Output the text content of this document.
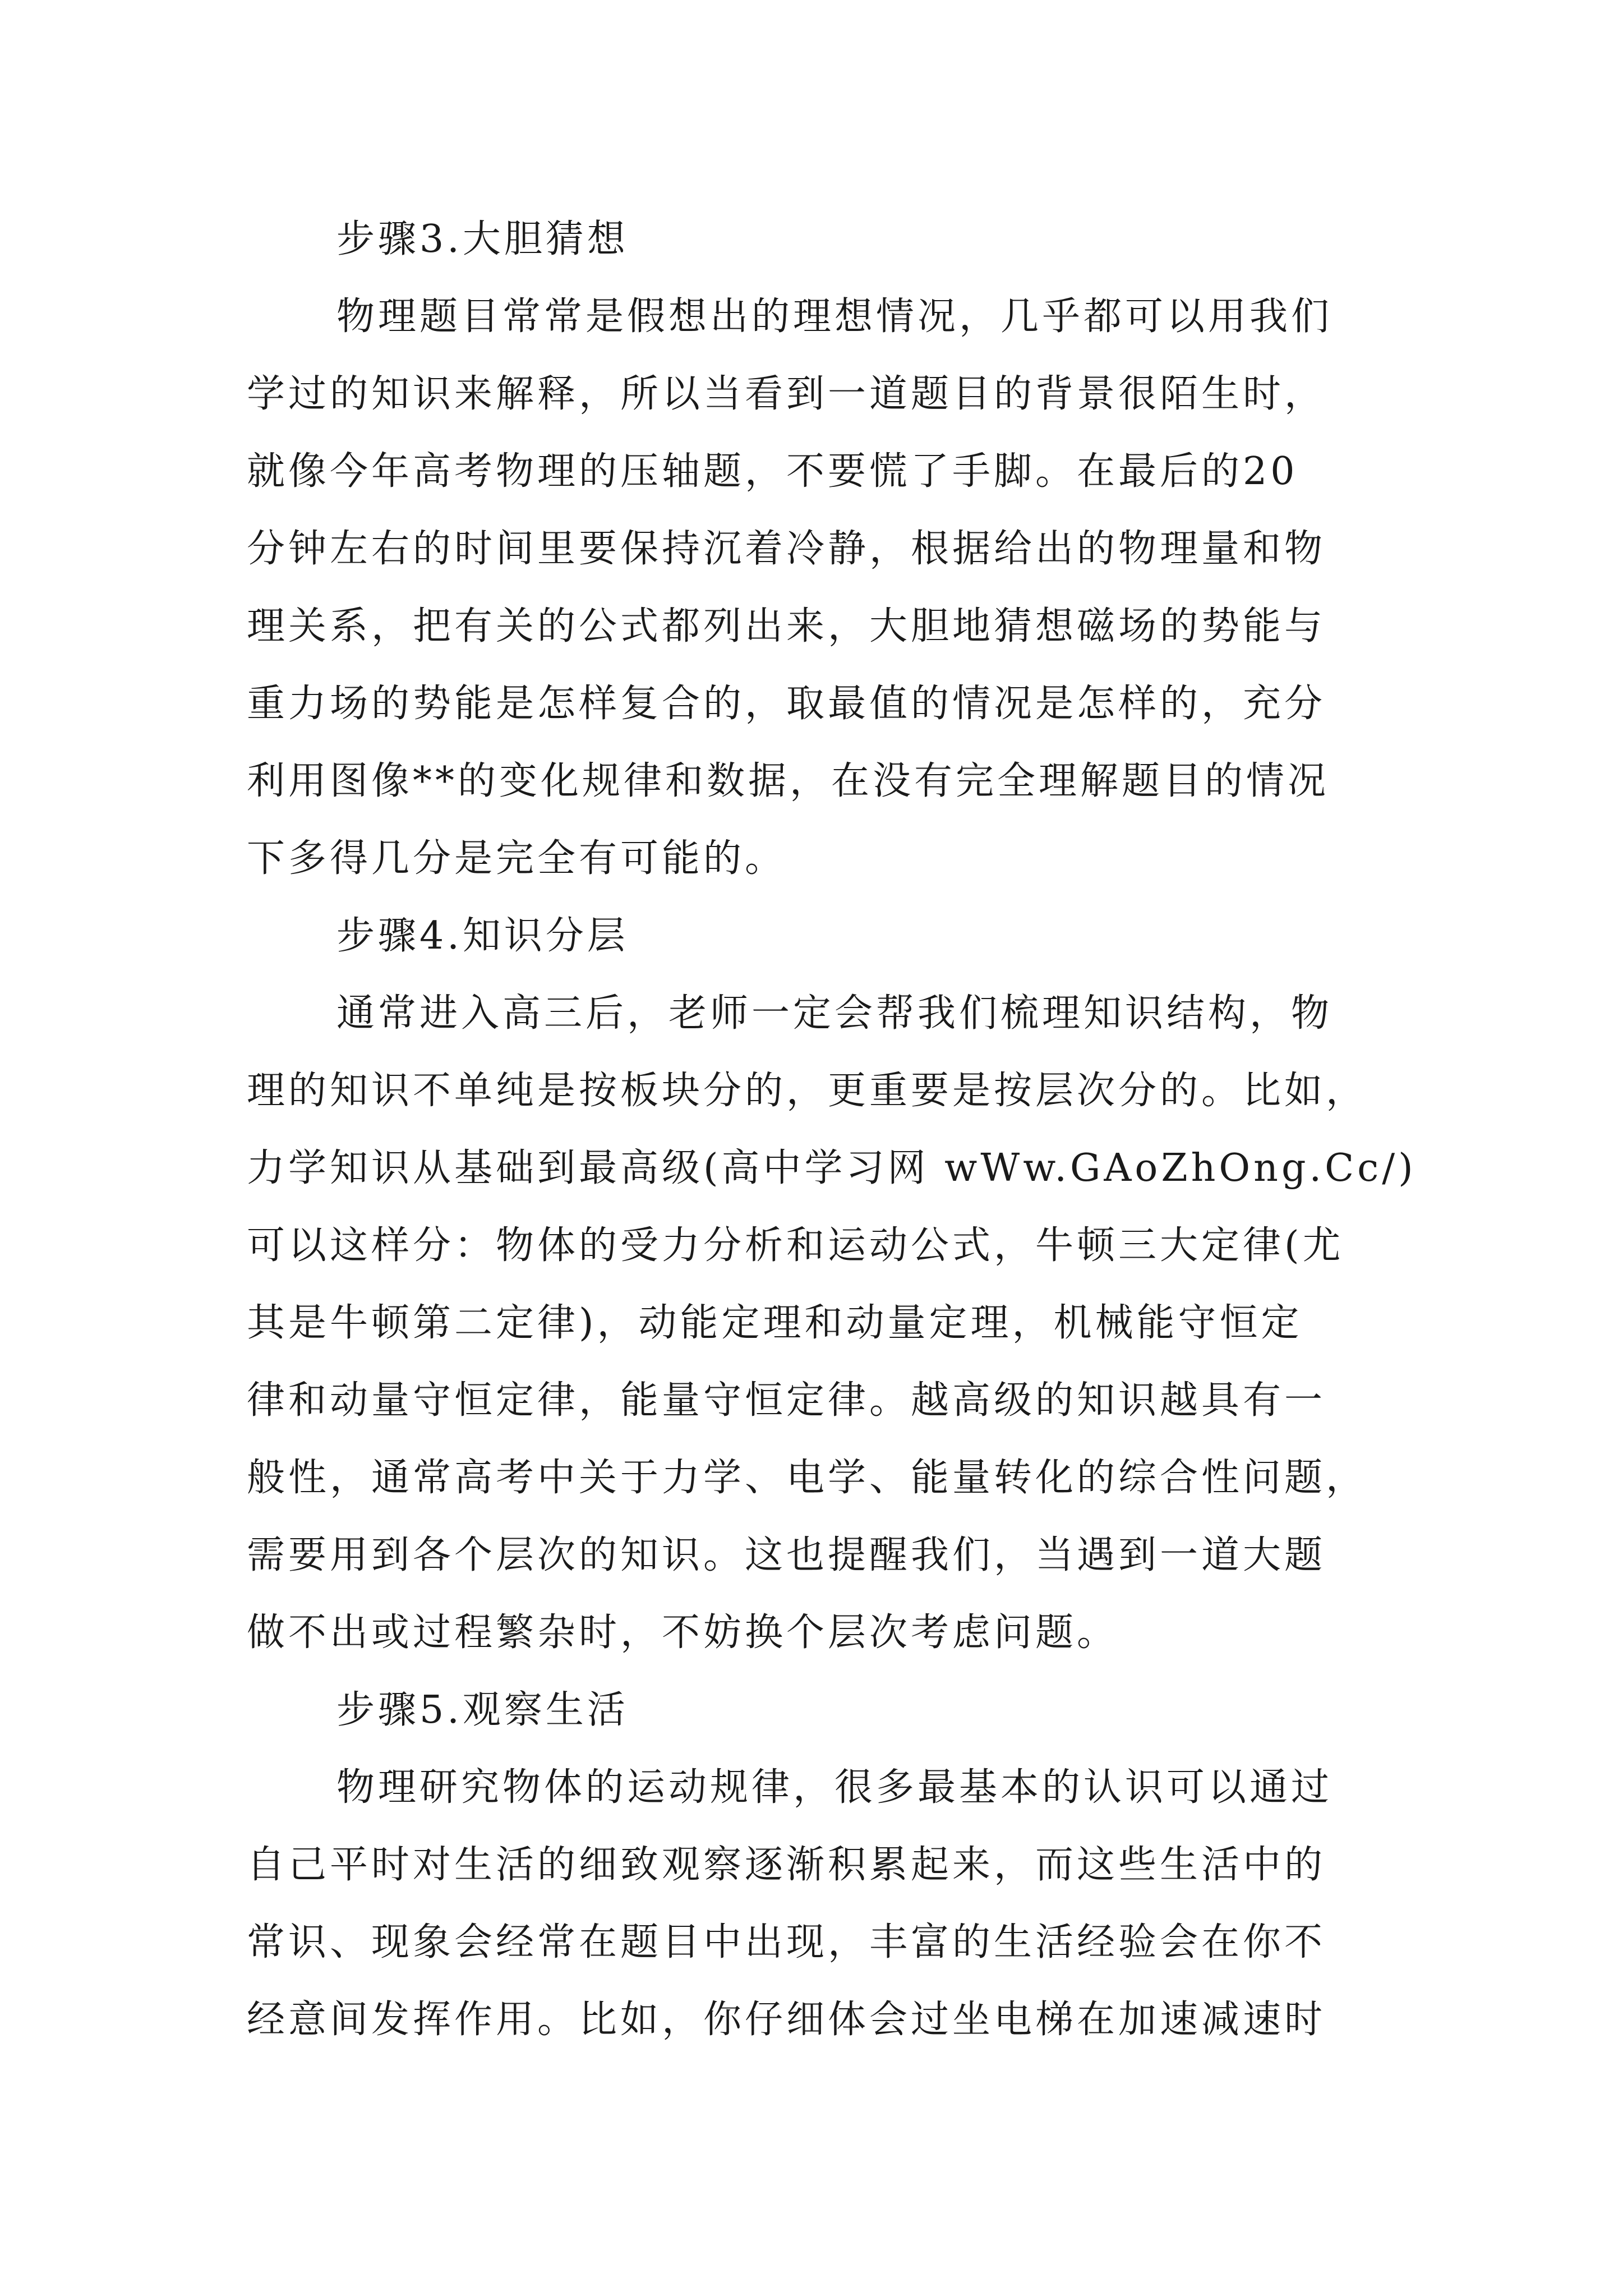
步骤3.大胆猜想
物理题目常常是假想出的理想情况，几乎都可以用我们
学过的知识来解释，所以当看到一道题目的背景很陌生时，
就像今年高考物理的压轴题，不要慌了手脚。在最后的20
分钟左右的时间里要保持沉着冷静，根据给出的物理量和物
理关系，把有关的公式都列出来，大胆地猜想磁场的势能与
重力场的势能是怎样复合的，取最值的情况是怎样的，充分
利用图像**的变化规律和数据，在没有完全理解题目的情况
下多得几分是完全有可能的。
步骤4.知识分层
通常进入高三后，老师一定会帮我们梳理知识结构，物
理的知识不单纯是按板块分的，更重要是按层次分的。比如，
力学知识从基础到最高级(高中学习网 wWw.GAoZhOng.Cc/)
可以这样分：物体的受力分析和运动公式，牛顿三大定律(尤
其是牛顿第二定律)，动能定理和动量定理，机械能守恒定
律和动量守恒定律，能量守恒定律。越高级的知识越具有一
般性，通常高考中关于力学、电学、能量转化的综合性问题，
需要用到各个层次的知识。这也提醒我们，当遇到一道大题
做不出或过程繁杂时，不妨换个层次考虑问题。
步骤5.观察生活
物理研究物体的运动规律，很多最基本的认识可以通过
自己平时对生活的细致观察逐渐积累起来，而这些生活中的
常识、现象会经常在题目中出现，丰富的生活经验会在你不
经意间发挥作用。比如，你仔细体会过坐电梯在加速减速时
